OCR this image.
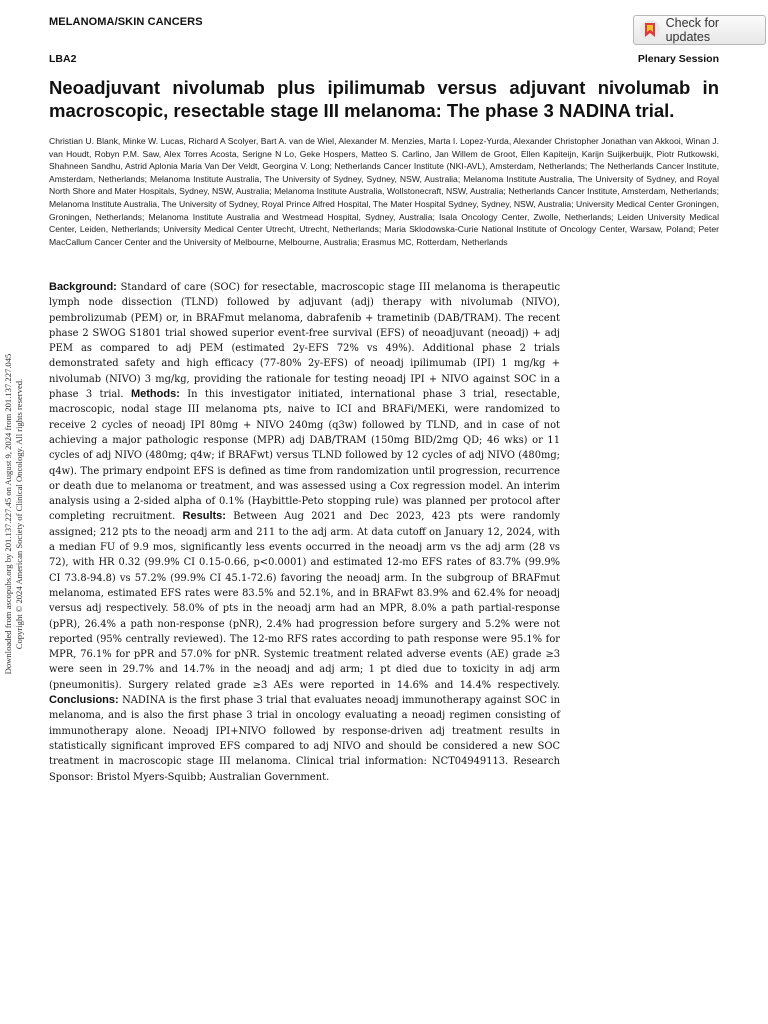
MELANOMA/SKIN CANCERS	Check for updates
LBA2	Plenary Session
Neoadjuvant nivolumab plus ipilimumab versus adjuvant nivolumab in macroscopic, resectable stage III melanoma: The phase 3 NADINA trial.

Christian U. Blank, Minke W. Lucas, Richard A Scolyer, Bart A. van de Wiel, Alexander M. Menzies, Marta I. Lopez-Yurda, Alexander Christopher Jonathan van Akkooi, Winan J. van Houdt, Robyn P.M. Saw, Alex Torres Acosta, Serigne N Lo, Geke Hospers, Matteo S. Carlino, Jan Willem de Groot, Ellen Kapiteijn, Karijn Suijkerbuijk, Piotr Rutkowski, Shahneen Sandhu, Astrid Aplonia Maria Van Der Veldt, Georgina V. Long; Netherlands Cancer Institute (NKI-AVL), Amsterdam, Netherlands; The Netherlands Cancer Institute, Amsterdam, Netherlands; Melanoma Institute Australia, The University of Sydney, Sydney, NSW, Australia; Melanoma Institute Australia, The University of Sydney, and Royal North Shore and Mater Hospitals, Sydney, NSW, Australia; Melanoma Institute Australia, Wollstonecraft, NSW, Australia; Netherlands Cancer Institute, Amsterdam, Netherlands; Melanoma Institute Australia, The University of Sydney, Royal Prince Alfred Hospital, The Mater Hospital Sydney, Sydney, NSW, Australia; University Medical Center Groningen, Groningen, Netherlands; Melanoma Institute Australia and Westmead Hospital, Sydney, Australia; Isala Oncology Center, Zwolle, Netherlands; Leiden University Medical Center, Leiden, Netherlands; University Medical Center Utrecht, Utrecht, Netherlands; Maria Sklodowska-Curie National Institute of Oncology Center, Warsaw, Poland; Peter MacCallum Cancer Center and the University of Melbourne, Melbourne, Australia; Erasmus MC, Rotterdam, Netherlands

Downloaded from ascopubs.org by 201.137.227.45 on August 9, 2024 from 201.137.227.045 Copyright © 2024 American Society of Clinical Oncology. All rights reserved.

Background: Standard of care (SOC) for resectable, macroscopic stage III melanoma is therapeutic lymph node dissection (TLND) followed by adjuvant (adj) therapy with nivolumab (NIVO), pembrolizumab (PEM) or, in BRAFmut melanoma, dabrafenib + trametinib (DAB/TRAM). The recent phase 2 SWOG S1801 trial showed superior event-free survival (EFS) of neoadjuvant (neoadj) + adj PEM as compared to adj PEM (estimated 2y-EFS 72% vs 49%). Additional phase 2 trials demonstrated safety and high efficacy (77-80% 2y-EFS) of neoadj ipilimumab (IPI) 1 mg/kg + nivolumab (NIVO) 3 mg/kg, providing the rationale for testing neoadj IPI + NIVO against SOC in a phase 3 trial. Methods: In this investigator initiated, international phase 3 trial, resectable, macroscopic, nodal stage III melanoma pts, naive to ICI and BRAFi/MEKi, were randomized to receive 2 cycles of neoadj IPI 80mg + NIVO 240mg (q3w) followed by TLND, and in case of not achieving a major pathologic response (MPR) adj DAB/TRAM (150mg BID/2mg QD; 46 wks) or 11 cycles of adj NIVO (480mg; q4w; if BRAFwt) versus TLND followed by 12 cycles of adj NIVO (480mg; q4w). The primary endpoint EFS is defined as time from randomization until progression, recurrence or death due to melanoma or treatment, and was assessed using a Cox regression model. An interim analysis using a 2-sided alpha of 0.1% (Haybittle-Peto stopping rule) was planned per protocol after completing recruitment. Results: Between Aug 2021 and Dec 2023, 423 pts were randomly assigned; 212 pts to the neoadj arm and 211 to the adj arm. At data cutoff on January 12, 2024, with a median FU of 9.9 mos, significantly less events occurred in the neoadj arm vs the adj arm (28 vs 72), with HR 0.32 (99.9% CI 0.15-0.66, p<0.0001) and estimated 12-mo EFS rates of 83.7% (99.9% CI 73.8-94.8) vs 57.2% (99.9% CI 45.1-72.6) favoring the neoadj arm. In the subgroup of BRAFmut melanoma, estimated EFS rates were 83.5% and 52.1%, and in BRAFwt 83.9% and 62.4% for neoadj versus adj respectively. 58.0% of pts in the neoadj arm had an MPR, 8.0% a path partial-response (pPR), 26.4% a path non-response (pNR), 2.4% had progression before surgery and 5.2% were not reported (95% centrally reviewed). The 12-mo RFS rates according to path response were 95.1% for MPR, 76.1% for pPR and 57.0% for pNR. Systemic treatment related adverse events (AE) grade ≥3 were seen in 29.7% and 14.7% in the neoadj and adj arm; 1 pt died due to toxicity in adj arm (pneumonitis). Surgery related grade ≥3 AEs were reported in 14.6% and 14.4% respectively. Conclusions: NADINA is the first phase 3 trial that evaluates neoadj immunotherapy against SOC in melanoma, and is also the first phase 3 trial in oncology evaluating a neoadj regimen consisting of immunotherapy alone. Neoadj IPI+NIVO followed by response-driven adj treatment results in statistically significant improved EFS compared to adj NIVO and should be considered a new SOC treatment in macroscopic stage III melanoma. Clinical trial information: NCT04949113. Research Sponsor: Bristol Myers-Squibb; Australian Government.
